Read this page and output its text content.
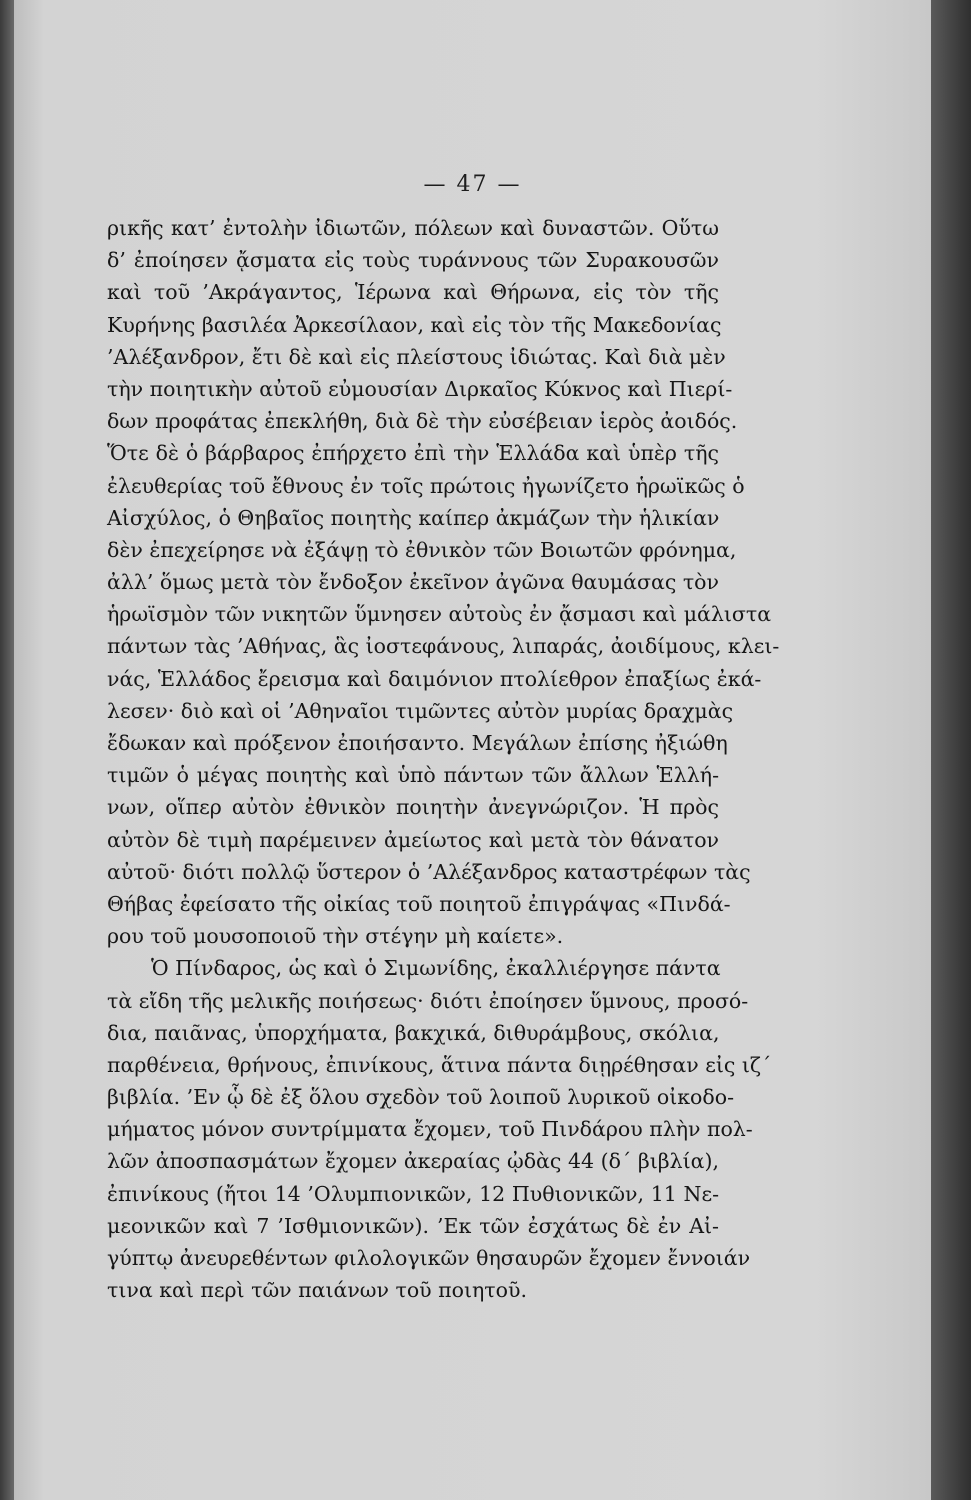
— 47 —
ρικῆς κατ’ ἐντολὴν ἰδιωτῶν, πόλεων καὶ δυναστῶν. Οὕτω
δ’ ἐποίησεν ᾄσματα εἰς τοὺς τυράννους τῶν Συρακουσῶν
καὶ τοῦ ’Ακράγαντος, Ἱέρωνα καὶ Θήρωνα, εἰς τὸν τῆς
Κυρήνης βασιλέα Ἀρκεσίλαον, καὶ εἰς τὸν τῆς Μακεδονίας
’Αλέξανδρον, ἔτι δὲ καὶ εἰς πλείστους ἰδιώτας. Καὶ διὰ μὲν
τὴν ποιητικὴν αὐτοῦ εὐμουσίαν Διρκαῖος Κύκνος καὶ Πιερί-
δων προφάτας ἐπεκλήθη, διὰ δὲ τὴν εὐσέβειαν ἱερὸς ἀοιδός.
Ὅτε δὲ ὁ βάρβαρος ἐπήρχετο ἐπὶ τὴν Ἑλλάδα καὶ ὑπὲρ τῆς
ἐλευθερίας τοῦ ἔθνους ἐν τοῖς πρώτοις ἠγωνίζετο ἡρωϊκῶς ὁ
Αἰσχύλος, ὁ Θηβαῖος ποιητὴς καίπερ ἀκμάζων τὴν ἡλικίαν
δὲν ἐπεχείρησε νὰ ἐξάψῃ τὸ ἐθνικὸν τῶν Βοιωτῶν φρόνημα,
ἀλλ’ ὅμως μετὰ τὸν ἔνδοξον ἐκεῖνον ἀγῶνα θαυμάσας τὸν
ἡρωϊσμὸν τῶν νικητῶν ὕμνησεν αὐτοὺς ἐν ᾄσμασι καὶ μάλιστα
πάντων τὰς ’Αθήνας, ἃς ἰοστεφάνους, λιπαράς, ἀοιδίμους, κλει-
νάς, Ἑλλάδος ἔρεισμα καὶ δαιμόνιον πτολίεθρον ἐπαξίως ἐκά-
λεσεν· διὸ καὶ οἱ ’Αθηναῖοι τιμῶντες αὐτὸν μυρίας δραχμὰς
ἔδωκαν καὶ πρόξενον ἐποιήσαντο. Μεγάλων ἐπίσης ἠξιώθη
τιμῶν ὁ μέγας ποιητὴς καὶ ὑπὸ πάντων τῶν ἄλλων Ἑλλή-
νων, οἵπερ αὐτὸν ἐθνικὸν ποιητὴν ἀνεγνώριζον. Ἡ πρὸς
αὐτὸν δὲ τιμὴ παρέμεινεν ἀμείωτος καὶ μετὰ τὸν θάνατον
αὐτοῦ· διότι πολλῷ ὕστερον ὁ ’Αλέξανδρος καταστρέφων τὰς
Θήβας ἐφείσατο τῆς οἰκίας τοῦ ποιητοῦ ἐπιγράψας «Πινδά-
ρου τοῦ μουσοποιοῦ τὴν στέγην μὴ καίετε».
Ὁ Πίνδαρος, ὡς καὶ ὁ Σιμωνίδης, ἐκαλλιέργησε πάντα
τὰ εἴδη τῆς μελικῆς ποιήσεως· διότι ἐποίησεν ὕμνους, προσό-
δια, παιᾶνας, ὑπορχήματα, βακχικά, διθυράμβους, σκόλια,
παρθένεια, θρήνους, ἐπινίκους, ἅτινα πάντα διῃρέθησαν εἰς ιζ´
βιβλία. ’Εν ᾧ δὲ ἐξ ὅλου σχεδὸν τοῦ λοιποῦ λυρικοῦ οἰκοδο-
μήματος μόνον συντρίμματα ἔχομεν, τοῦ Πινδάρου πλὴν πολ-
λῶν ἀποσπασμάτων ἔχομεν ἀκεραίας ᾠδὰς 44 (δ´ βιβλία),
ἐπινίκους (ἤτοι 14 ’Ολυμπιονικῶν, 12 Πυθιονικῶν, 11 Νε-
μεονικῶν καὶ 7 ’Ισθμιονικῶν). ’Εκ τῶν ἐσχάτως δὲ ἐν Αἰ-
γύπτῳ ἀνευρεθέντων φιλολογικῶν θησαυρῶν ἔχομεν ἔννοιάν
τινα καὶ περὶ τῶν παιάνων τοῦ ποιητοῦ.
